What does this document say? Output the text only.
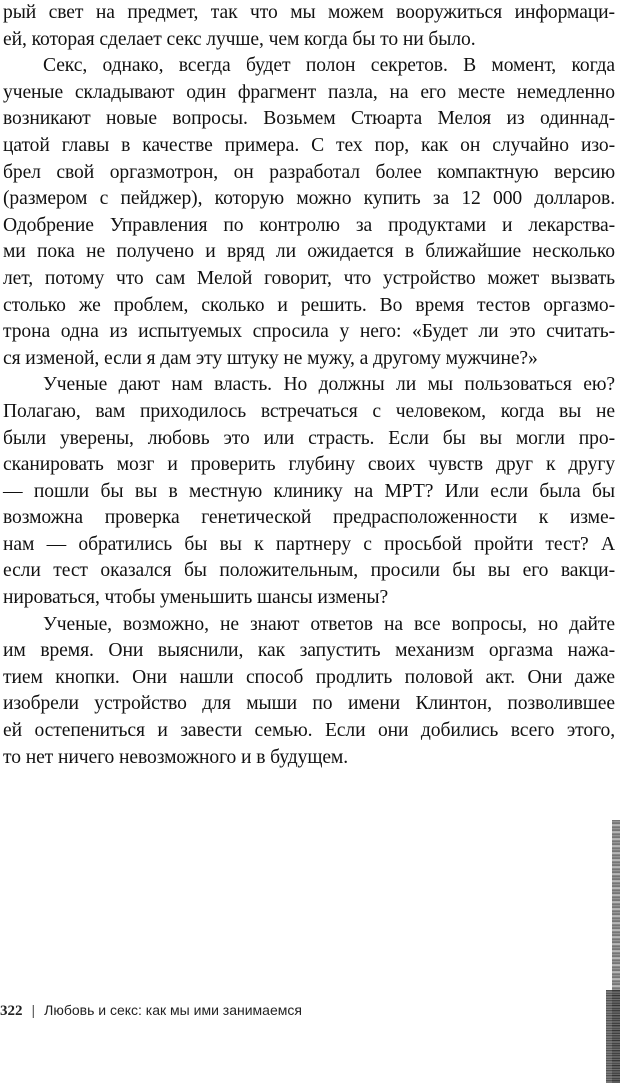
рый свет на предмет, так что мы можем вооружиться информаци-
ей, которая сделает секс лучше, чем когда бы то ни было.
Секс, однако, всегда будет полон секретов. В момент, когда
ученые складывают один фрагмент пазла, на его месте немедленно
возникают новые вопросы. Возьмем Стюарта Мелоя из одиннад-
цатой главы в качестве примера. С тех пор, как он случайно изо-
брел свой оргазмотрон, он разработал более компактную версию
(размером с пейджер), которую можно купить за 12 000 долларов.
Одобрение Управления по контролю за продуктами и лекарства-
ми пока не получено и вряд ли ожидается в ближайшие несколько
лет, потому что сам Мелой говорит, что устройство может вызвать
столько же проблем, сколько и решить. Во время тестов оргазмо-
трона одна из испытуемых спросила у него: «Будет ли это считать-
ся изменой, если я дам эту штуку не мужу, а другому мужчине?»
Ученые дают нам власть. Но должны ли мы пользоваться ею?
Полагаю, вам приходилось встречаться с человеком, когда вы не
были уверены, любовь это или страсть. Если бы вы могли про-
сканировать мозг и проверить глубину своих чувств друг к другу
— пошли бы вы в местную клинику на МРТ? Или если была бы
возможна проверка генетической предрасположенности к изме-
нам — обратились бы вы к партнеру с просьбой пройти тест? А
если тест оказался бы положительным, просили бы вы его вакци-
нироваться, чтобы уменьшить шансы измены?
Ученые, возможно, не знают ответов на все вопросы, но дайте
им время. Они выяснили, как запустить механизм оргазма нажа-
тием кнопки. Они нашли способ продлить половой акт. Они даже
изобрели устройство для мыши по имени Клинтон, позволившее
ей остепениться и завести семью. Если они добились всего этого,
то нет ничего невозможного и в будущем.
322 | Любовь и секс: как мы ими занимаемся
